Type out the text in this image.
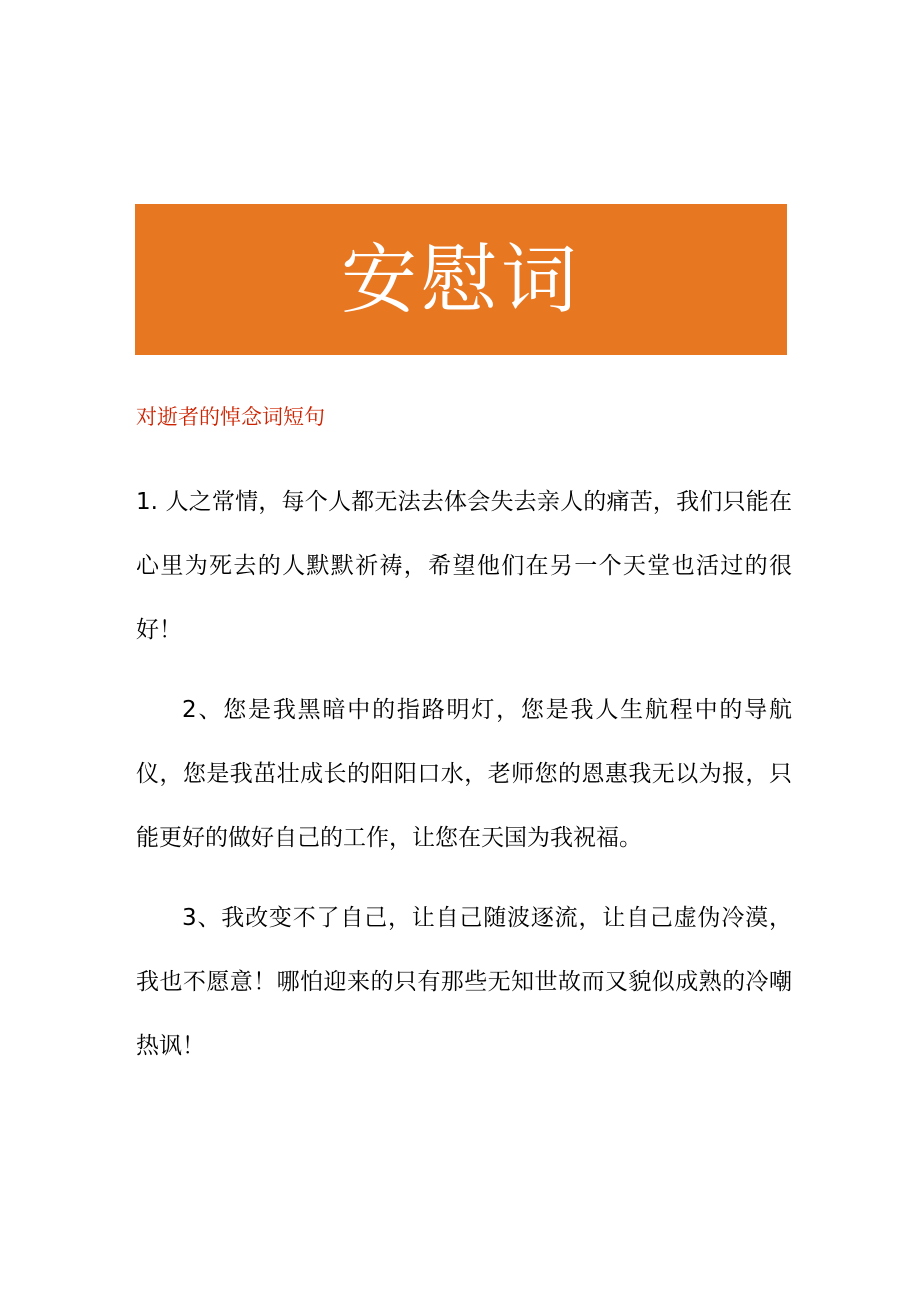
安慰词
对逝者的悼念词短句

1. 人之常情，每个人都无法去体会失去亲人的痛苦，我们只能在心里为死去的人默默祈祷，希望他们在另一个天堂也活过的很好！

2、您是我黑暗中的指路明灯，您是我人生航程中的导航仪，您是我茁壮成长的阳阳口水，老师您的恩惠我无以为报，只能更好的做好自己的工作，让您在天国为我祝福。

3、我改变不了自己，让自己随波逐流，让自己虚伪冷漠，我也不愿意！哪怕迎来的只有那些无知世故而又貌似成熟的冷嘲热讽！
